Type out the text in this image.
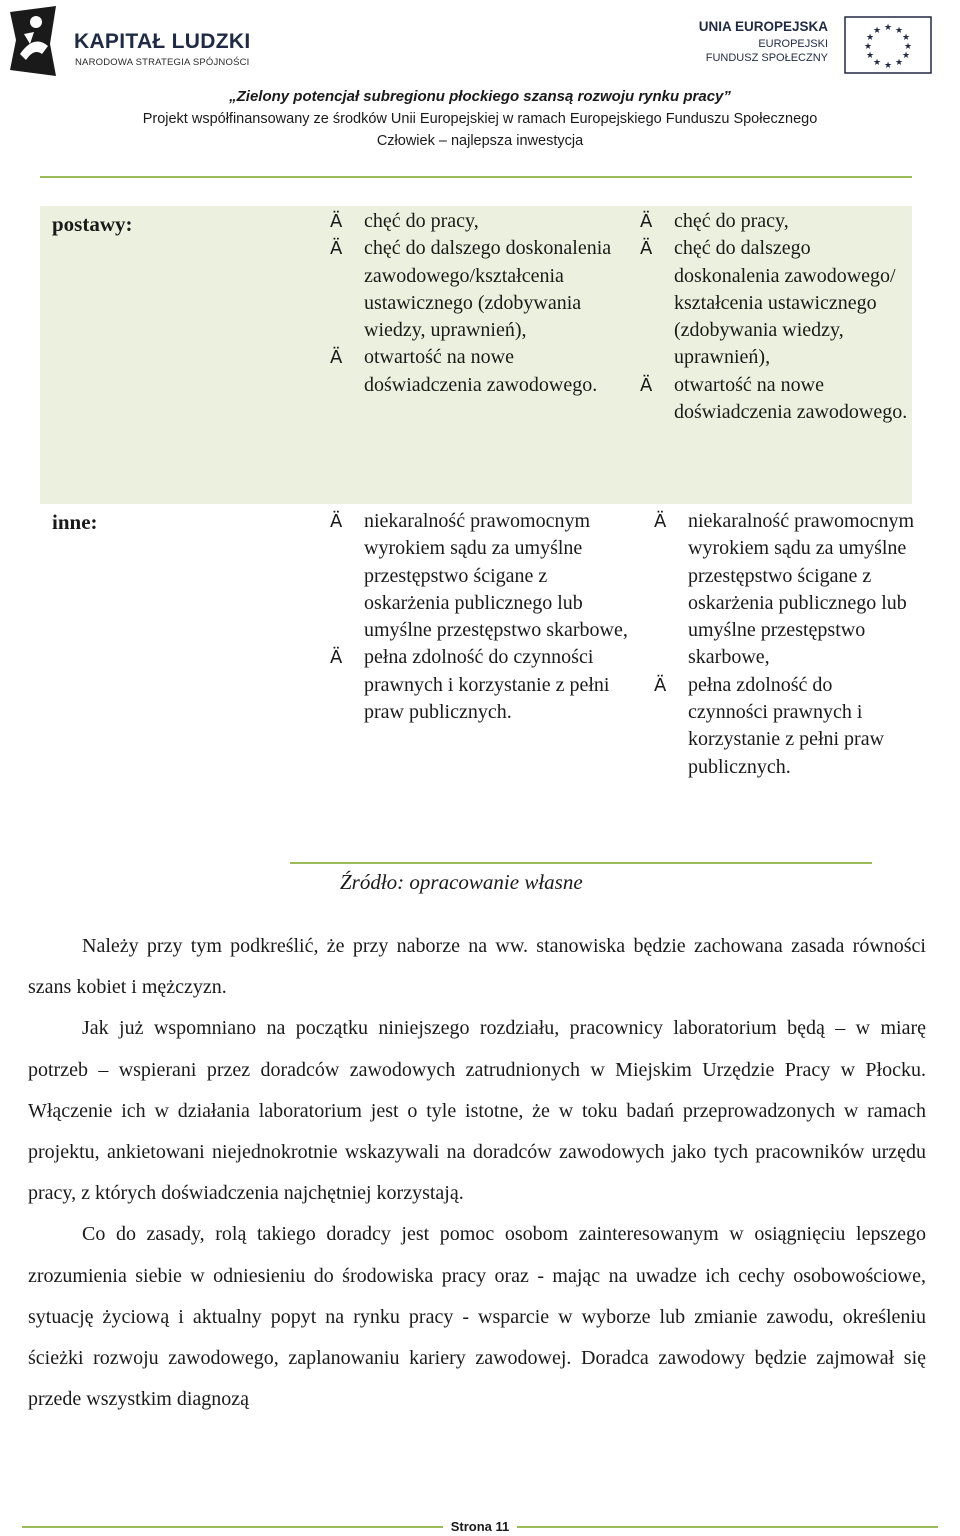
KAPITAŁ LUDZKI
NARODOWA STRATEGIA SPÓJNOŚCI
UNIA EUROPEJSKA
EUROPEJSKI
FUNDUSZ SPOŁECZNY
★ ★
★
★
★
★
★
★
★
★
★
★
„Zielony potencjał subregionu płockiego szansą rozwoju rynku pracy”
Projekt współfinansowany ze środków Unii Europejskiej w ramach Europejskiego Funduszu Społecznego
Człowiek – najlepsza inwestycja
postawy:	Ä chęć do pracy,
Ä chęć do dalszego doskonalenia zawodowego/kształcenia ustawicznego (zdobywania wiedzy, uprawnień),
Ä otwartość na nowe doświadczenia zawodowego.
Ä chęć do pracy,
Ä chęć do dalszego doskonalenia zawodowego/ kształcenia ustawicznego (zdobywania wiedzy, uprawnień),
Ä otwartość na nowe doświadczenia zawodowego.
inne:	Ä niekaralność prawomocnym wyrokiem sądu za umyślne przestępstwo ścigane z oskarżenia publicznego lub umyślne przestępstwo skarbowe,
Ä pełna zdolność do czynności prawnych i korzystanie z pełni praw publicznych.
Ä niekaralność prawomocnym wyrokiem sądu za umyślne przestępstwo ścigane z oskarżenia publicznego lub umyślne przestępstwo skarbowe,
Ä pełna zdolność do czynności prawnych i korzystanie z pełni praw publicznych.
Źródło: opracowanie własne

Należy przy tym podkreślić, że przy naborze na ww. stanowiska będzie zachowana zasada równości szans kobiet i mężczyzn.

Jak już wspomniano na początku niniejszego rozdziału, pracownicy laboratorium będą – w miarę potrzeb – wspierani przez doradców zawodowych zatrudnionych w Miejskim Urzędzie Pracy w Płocku. Włączenie ich w działania laboratorium jest o tyle istotne, że w toku badań przeprowadzonych w ramach projektu, ankietowani niejednokrotnie wskazywali na doradców zawodowych jako tych pracowników urzędu pracy, z których doświadczenia najchętniej korzystają.

Co do zasady, rolą takiego doradcy jest pomoc osobom zainteresowanym w osiągnięciu lepszego zrozumienia siebie w odniesieniu do środowiska pracy oraz - mając na uwadze ich cechy osobowościowe, sytuację życiową i aktualny popyt na rynku pracy - wsparcie w wyborze lub zmianie zawodu, określeniu ścieżki rozwoju zawodowego, zaplanowaniu kariery zawodowej. Doradca zawodowy będzie zajmował się przede wszystkim diagnozą

Strona 11
